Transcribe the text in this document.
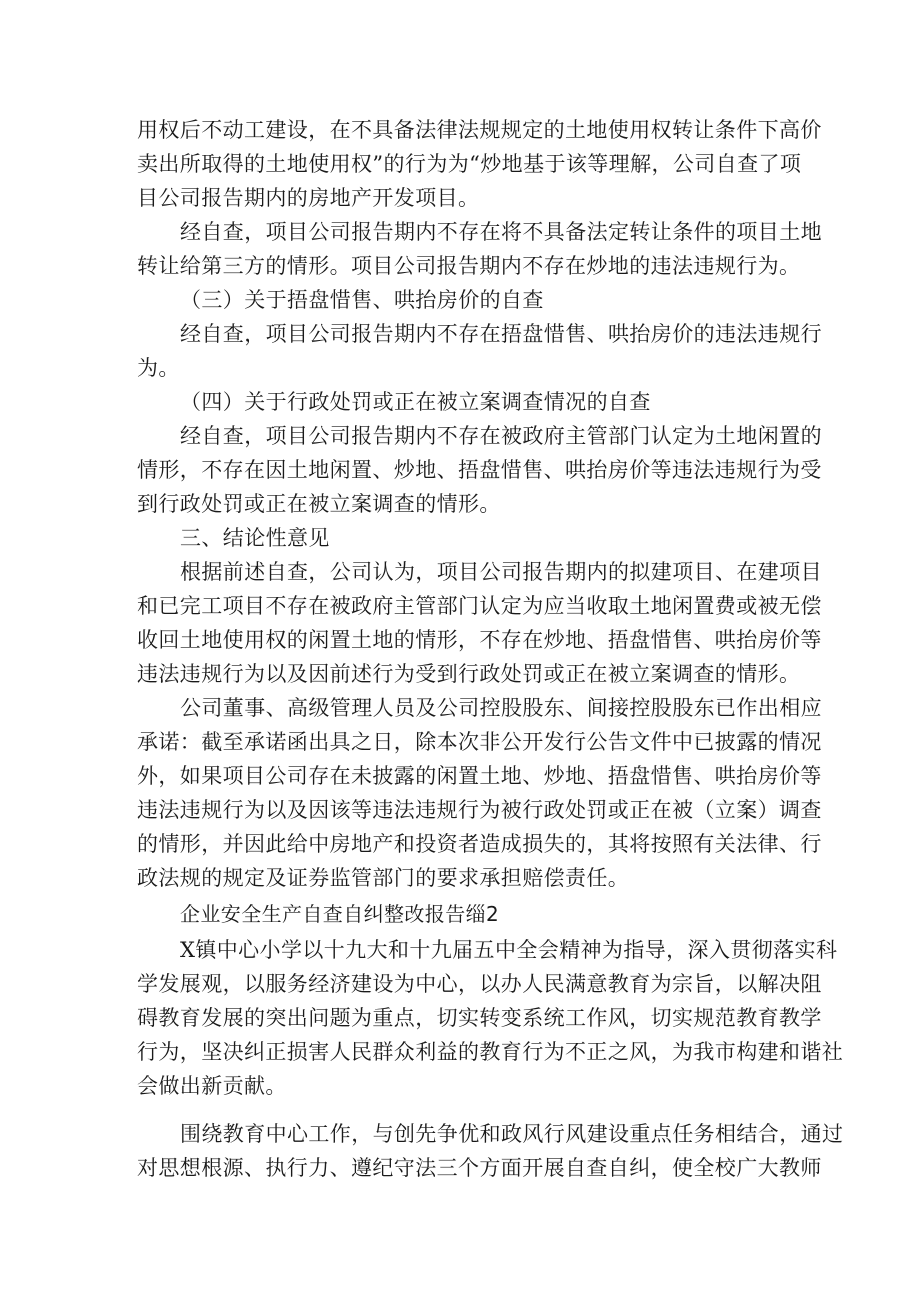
用权后不动工建设，在不具备法律法规规定的土地使用权转让条件下高价
卖出所取得的土地使用权”的行为为“炒地基于该等理解，公司自查了项
目公司报告期内的房地产开发项目。
经自查，项目公司报告期内不存在将不具备法定转让条件的项目土地
转让给第三方的情形。项目公司报告期内不存在炒地的违法违规行为。
（三）关于捂盘惜售、哄抬房价的自查
经自查，项目公司报告期内不存在捂盘惜售、哄抬房价的违法违规行
为。
（四）关于行政处罚或正在被立案调查情况的自查
经自查，项目公司报告期内不存在被政府主管部门认定为土地闲置的
情形，不存在因土地闲置、炒地、捂盘惜售、哄抬房价等违法违规行为受
到行政处罚或正在被立案调查的情形。
三、结论性意见
根据前述自查，公司认为，项目公司报告期内的拟建项目、在建项目
和已完工项目不存在被政府主管部门认定为应当收取土地闲置费或被无偿
收回土地使用权的闲置土地的情形，不存在炒地、捂盘惜售、哄抬房价等
违法违规行为以及因前述行为受到行政处罚或正在被立案调查的情形。
公司董事、高级管理人员及公司控股股东、间接控股股东已作出相应
承诺：截至承诺函出具之日，除本次非公开发行公告文件中已披露的情况
外，如果项目公司存在未披露的闲置土地、炒地、捂盘惜售、哄抬房价等
违法违规行为以及因该等违法违规行为被行政处罚或正在被（立案）调查
的情形，并因此给中房地产和投资者造成损失的，其将按照有关法律、行
政法规的规定及证券监管部门的要求承担赔偿责任。
企业安全生产自查自纠整改报告缁2
X镇中心小学以十九大和十九届五中全会精神为指导，深入贯彻落实科
学发展观，以服务经济建设为中心，以办人民满意教育为宗旨，以解决阻
碍教育发展的突出问题为重点，切实转变系统工作风，切实规范教育教学
行为，坚决纠正损害人民群众利益的教育行为不正之风，为我市构建和谐社
会做出新贡献。
围绕教育中心工作，与创先争优和政风行风建设重点任务相结合，通过
对思想根源、执行力、遵纪守法三个方面开展自查自纠，使全校广大教师
